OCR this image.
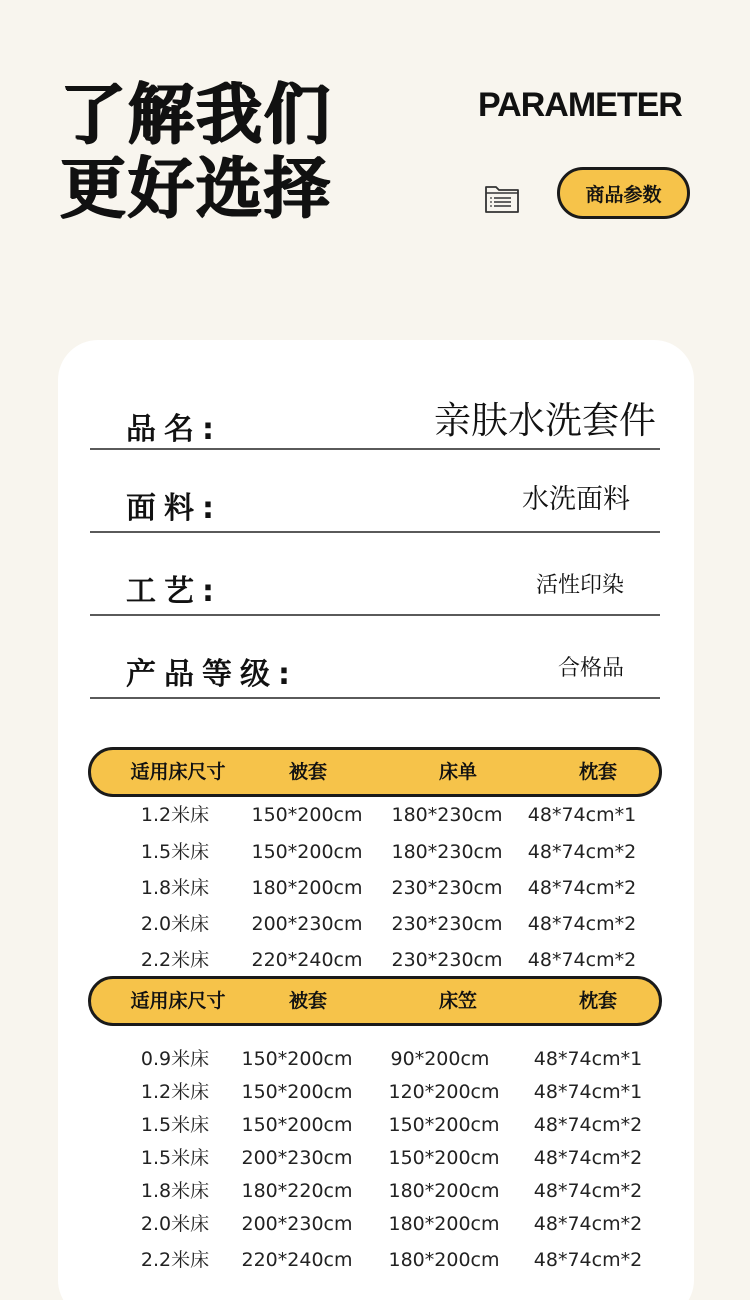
了解我们
更好选择
PARAMETER
商品参数
品名:	亲肤水洗套件
面料:	水洗面料
工艺:	活性印染
产品等级:	合格品
适用床尺寸	被套	床单	枕套
1.2米床 150*200cm 180*230cm 48*74cm*1
1.5米床 150*200cm 180*230cm 48*74cm*2
1.8米床 180*200cm 230*230cm 48*74cm*2
2.0米床 200*230cm 230*230cm 48*74cm*2
2.2米床 220*240cm 230*230cm 48*74cm*2
适用床尺寸	被套	床笠	枕套
0.9米床 150*200cm 90*200cm 48*74cm*1
1.2米床 150*200cm 120*200cm 48*74cm*1
1.5米床 150*200cm 150*200cm 48*74cm*2
1.5米床 200*230cm 150*200cm 48*74cm*2
1.8米床 180*220cm 180*200cm 48*74cm*2
2.0米床 200*230cm 180*200cm 48*74cm*2
2.2米床 220*240cm 180*200cm 48*74cm*2
